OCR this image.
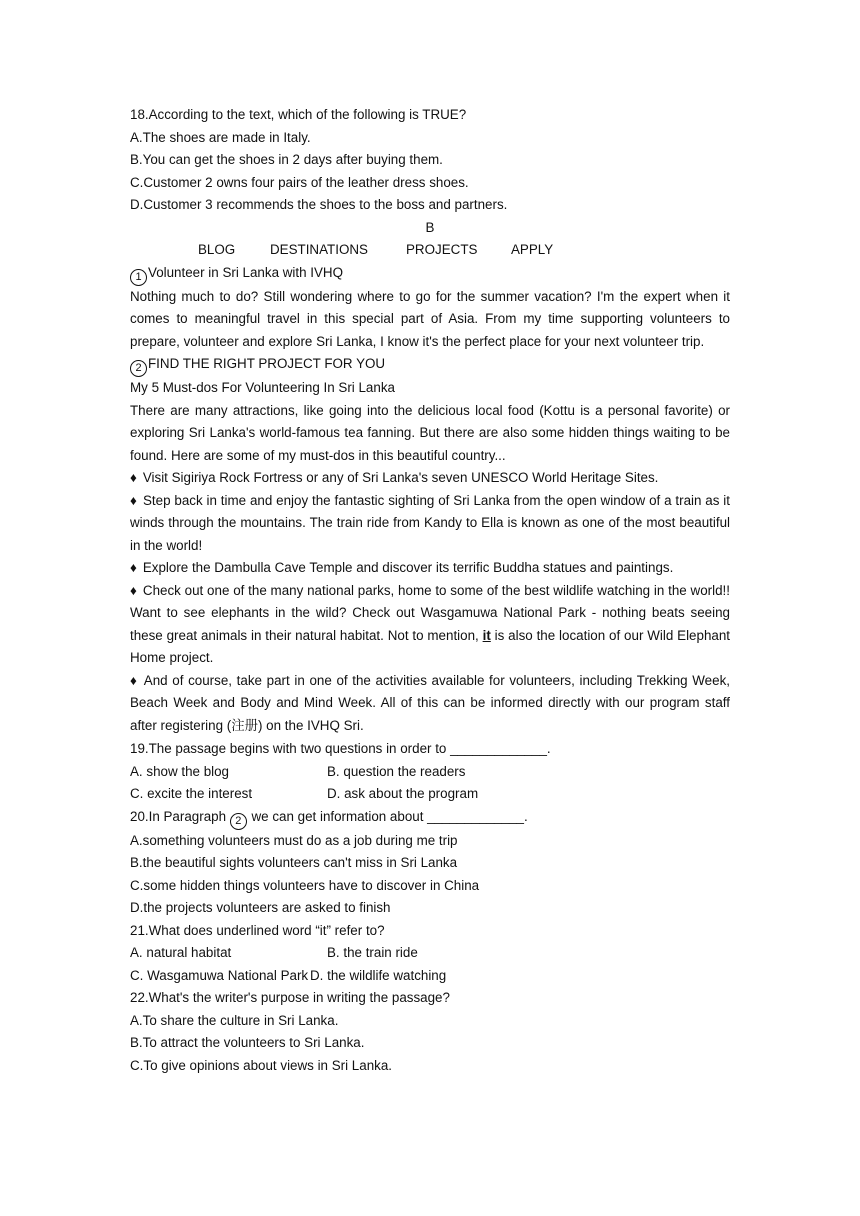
18.According to the text, which of the following is TRUE?
A.The shoes are made in Italy.
B.You can get the shoes in 2 days after buying them.
C.Customer 2 owns four pairs of the leather dress shoes.
D.Customer 3 recommends the shoes to the boss and partners.
B
BLOG	DESTINATIONS	PROJECTS	APPLY
1 Volunteer in Sri Lanka with IVHQ
Nothing much to do? Still wondering where to go for the summer vacation? I'm the expert when it comes to meaningful travel in this special part of Asia. From my time supporting volunteers to prepare, volunteer and explore Sri Lanka, I know it's the perfect place for your next volunteer trip.
2 FIND THE RIGHT PROJECT FOR YOU
My 5 Must-dos For Volunteering In Sri Lanka
There are many attractions, like going into the delicious local food (Kottu is a personal favorite) or exploring Sri Lanka's world-famous tea fanning. But there are also some hidden things waiting to be found. Here are some of my must-dos in this beautiful country...
♦ Visit Sigiriya Rock Fortress or any of Sri Lanka's seven UNESCO World Heritage Sites.
♦ Step back in time and enjoy the fantastic sighting of Sri Lanka from the open window of a train as it winds through the mountains. The train ride from Kandy to Ella is known as one of the most beautiful in the world!
♦ Explore the Dambulla Cave Temple and discover its terrific Buddha statues and paintings.
♦ Check out one of the many national parks, home to some of the best wildlife watching in the world!! Want to see elephants in the wild? Check out Wasgamuwa National Park - nothing beats seeing these great animals in their natural habitat. Not to mention, it is also the location of our Wild Elephant Home project.
♦ And of course, take part in one of the activities available for volunteers, including Trekking Week, Beach Week and Body and Mind Week. All of this can be informed directly with our program staff after registering (注册) on the IVHQ Sri.
19.The passage begins with two questions in order to _____________.
A. show the blog	B. question the readers
C. excite the interest	D. ask about the program
20.In Paragraph 2 we can get information about _____________.
A.something volunteers must do as a job during me trip
B.the beautiful sights volunteers can't miss in Sri Lanka
C.some hidden things volunteers have to discover in China
D.the projects volunteers are asked to finish
21.What does underlined word “it” refer to?
A. natural habitat	B. the train ride
C. Wasgamuwa National Park D. the wildlife watching
22.What's the writer's purpose in writing the passage?
A.To share the culture in Sri Lanka.
B.To attract the volunteers to Sri Lanka.
C.To give opinions about views in Sri Lanka.
